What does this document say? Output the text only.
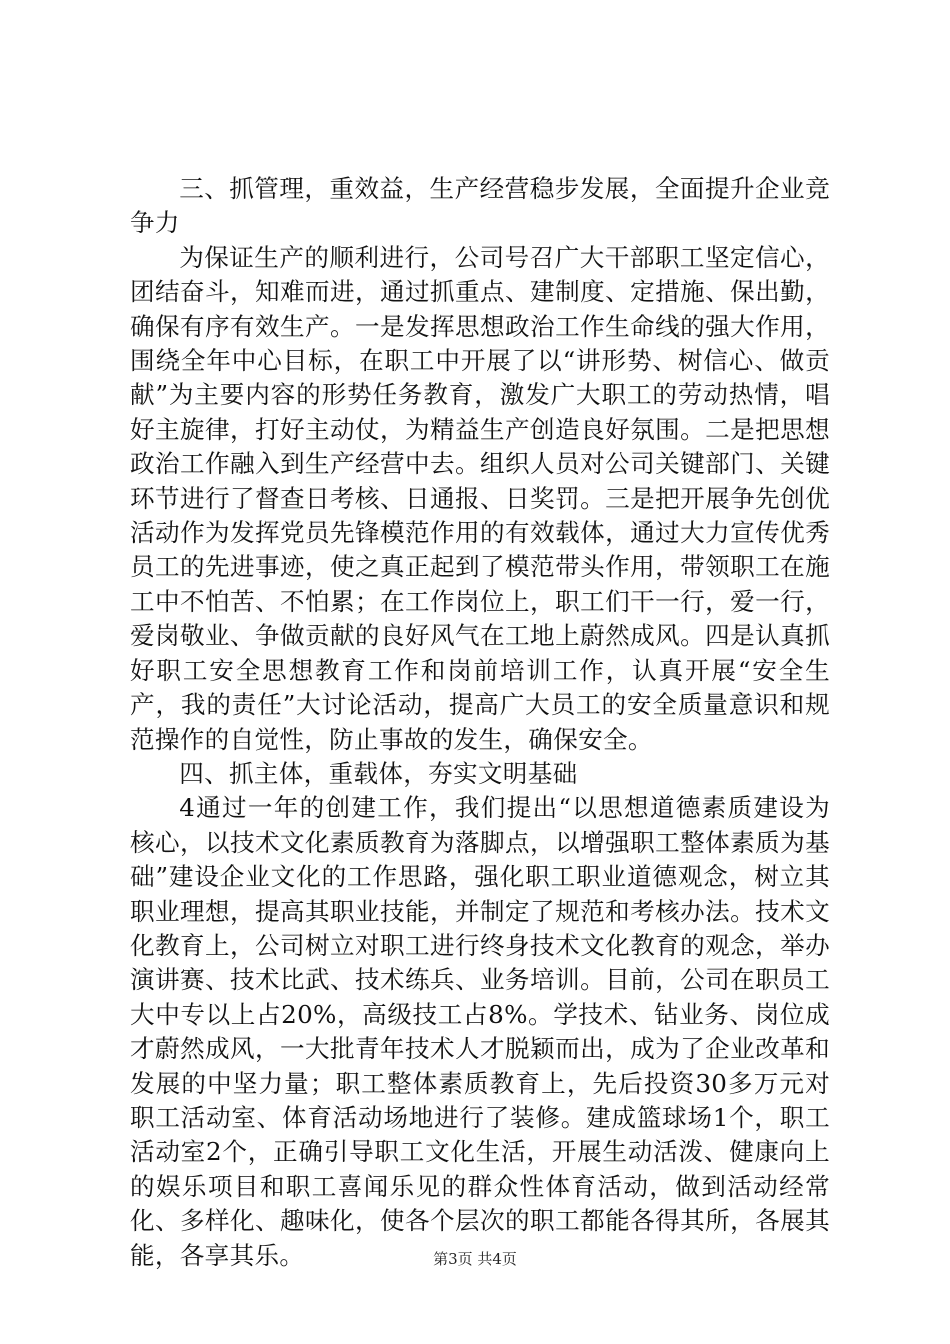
三、抓管理，重效益，生产经营稳步发展，全面提升企业竞争力

为保证生产的顺利进行，公司号召广大干部职工坚定信心，团结奋斗，知难而进，通过抓重点、建制度、定措施、保出勤，确保有序有效生产。一是发挥思想政治工作生命线的强大作用，围绕全年中心目标，在职工中开展了以“讲形势、树信心、做贡献”为主要内容的形势任务教育，激发广大职工的劳动热情，唱好主旋律，打好主动仗，为精益生产创造良好氛围。二是把思想政治工作融入到生产经营中去。组织人员对公司关键部门、关键环节进行了督查日考核、日通报、日奖罚。三是把开展争先创优活动作为发挥党员先锋模范作用的有效载体，通过大力宣传优秀员工的先进事迹，使之真正起到了模范带头作用，带领职工在施工中不怕苦、不怕累；在工作岗位上，职工们干一行，爱一行，爱岗敬业、争做贡献的良好风气在工地上蔚然成风。四是认真抓好职工安全思想教育工作和岗前培训工作，认真开展“安全生产，我的责任”大讨论活动，提高广大员工的安全质量意识和规范操作的自觉性，防止事故的发生，确保安全。

四、抓主体，重载体，夯实文明基础

4通过一年的创建工作，我们提出“以思想道德素质建设为核心，以技术文化素质教育为落脚点，以增强职工整体素质为基础”建设企业文化的工作思路，强化职工职业道德观念，树立其职业理想，提高其职业技能，并制定了规范和考核办法。技术文化教育上，公司树立对职工进行终身技术文化教育的观念，举办演讲赛、技术比武、技术练兵、业务培训。目前，公司在职员工大中专以上占20%，高级技工占8%。学技术、钻业务、岗位成才蔚然成风，一大批青年技术人才脱颖而出，成为了企业改革和发展的中坚力量；职工整体素质教育上，先后投资30多万元对职工活动室、体育活动场地进行了装修。建成篮球场1个，职工活动室2个，正确引导职工文化生活，开展生动活泼、健康向上的娱乐项目和职工喜闻乐见的群众性体育活动，做到活动经常化、多样化、趣味化，使各个层次的职工都能各得其所，各展其能，各享其乐。	第3页 共4页
